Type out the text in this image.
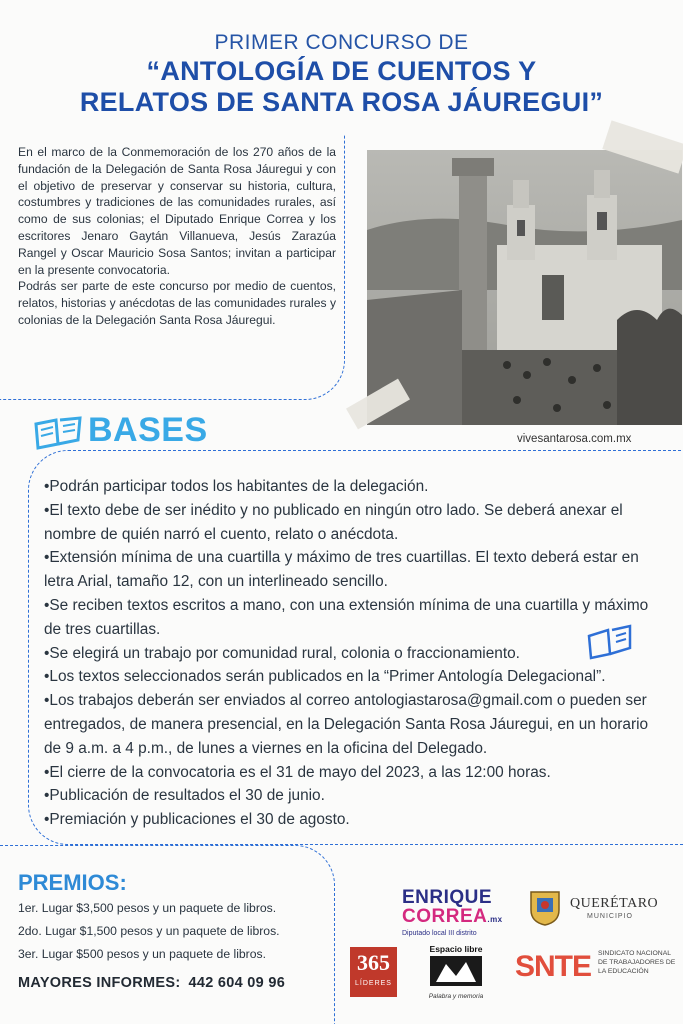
PRIMER CONCURSO DE
“ANTOLOGÍA DE CUENTOS Y
RELATOS DE SANTA ROSA JÁUREGUI”

En el marco de la Conmemoración de los 270 años de la fundación de la Delegación de Santa Rosa Jáuregui y con el objetivo de preservar y conservar su historia, cultura, costumbres y tradiciones de las comunidades rurales, así como de sus colonias; el Diputado Enrique Correa y los escritores Jenaro Gaytán Villanueva, Jesús Zarazúa Rangel y Oscar Mauricio Sosa Santos; invitan a participar en la presente convocatoria.

Podrás ser parte de este concurso por medio de cuentos, relatos, historias y anécdotas de las comunidades rurales y colonias de la Delegación Santa Rosa Jáuregui.

vivesantarosa.com.mx
BASES
•Podrán participar todos los habitantes de la delegación.
•El texto debe de ser inédito y no publicado en ningún otro lado. Se deberá anexar el nombre de quién narró el cuento, relato o anécdota.
•Extensión mínima de una cuartilla y máximo de tres cuartillas. El texto deberá estar en letra Arial, tamaño 12, con un interlineado sencillo.
•Se reciben textos escritos a mano, con una extensión mínima de una cuartilla y máximo de tres cuartillas.
•Se elegirá un trabajo por comunidad rural, colonia o fraccionamiento.
•Los textos seleccionados serán publicados en la “Primer Antología Delegacional”.
•Los trabajos deberán ser enviados al correo antologiastarosa@gmail.com o pueden ser entregados, de manera presencial, en la Delegación Santa Rosa Jáuregui, en un horario de 9 a.m. a 4 p.m., de lunes a viernes en la oficina del Delegado.
•El cierre de la convocatoria es el 31 de mayo del 2023, a las 12:00 horas.
•Publicación de resultados el 30 de junio.
•Premiación y publicaciones el 30 de agosto.
PREMIOS:
1er. Lugar $3,500 pesos y un paquete de libros.
2do. Lugar $1,500 pesos y un paquete de libros.
3er. Lugar $500 pesos y un paquete de libros.
MAYORES INFORMES: 442 604 09 96
ENRIQUE
CORREA.mx
Diputado local III distrito
QUERÉTARO
MUNICIPIO
365
LÍDERES
Espacio libre
Palabra y memoria
SNTE SINDICATO NACIONAL DE TRABAJADORES DE LA EDUCACIÓN
